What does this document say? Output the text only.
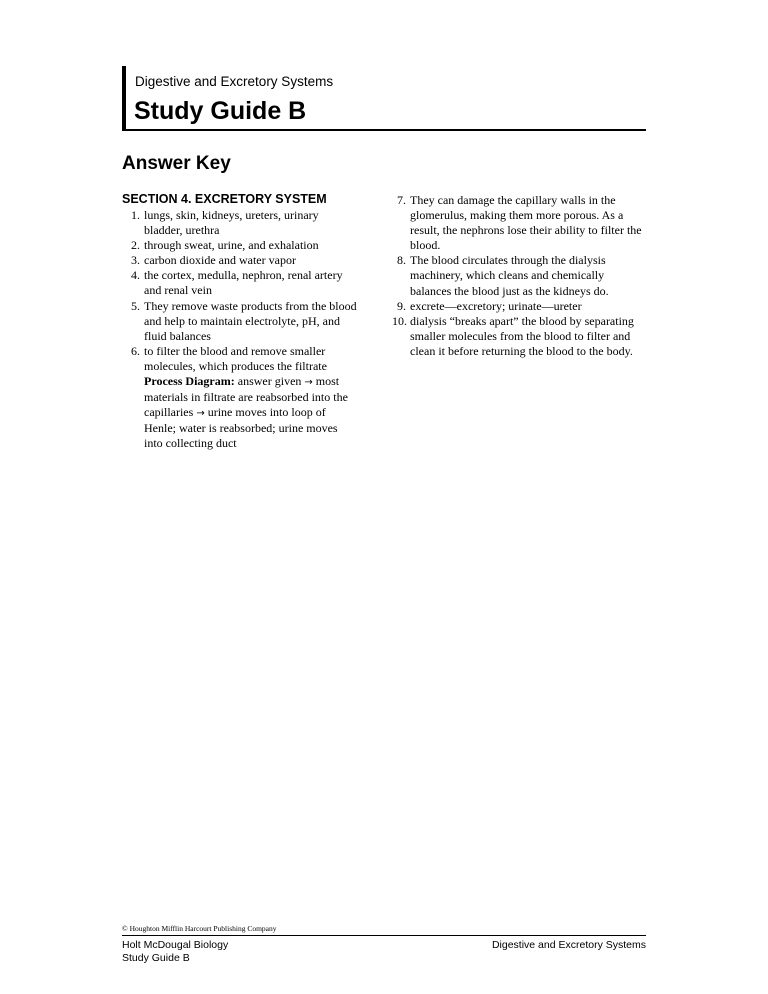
Digestive and Excretory Systems
Study Guide B
Answer Key
SECTION 4. EXCRETORY SYSTEM
1. lungs, skin, kidneys, ureters, urinary bladder, urethra
2. through sweat, urine, and exhalation
3. carbon dioxide and water vapor
4. the cortex, medulla, nephron, renal artery and renal vein
5. They remove waste products from the blood and help to maintain electrolyte, pH, and fluid balances
6. to filter the blood and remove smaller molecules, which produces the filtrate
Process Diagram: answer given → most materials in filtrate are reabsorbed into the capillaries → urine moves into loop of Henle; water is reabsorbed; urine moves into collecting duct
7. They can damage the capillary walls in the glomerulus, making them more porous. As a result, the nephrons lose their ability to filter the blood.
8. The blood circulates through the dialysis machinery, which cleans and chemically balances the blood just as the kidneys do.
9. excrete—excretory; urinate—ureter
10. dialysis “breaks apart” the blood by separating smaller molecules from the blood to filter and clean it before returning the blood to the body.
© Houghton Mifflin Harcourt Publishing Company
Holt McDougal Biology
Study Guide B
Digestive and Excretory Systems
